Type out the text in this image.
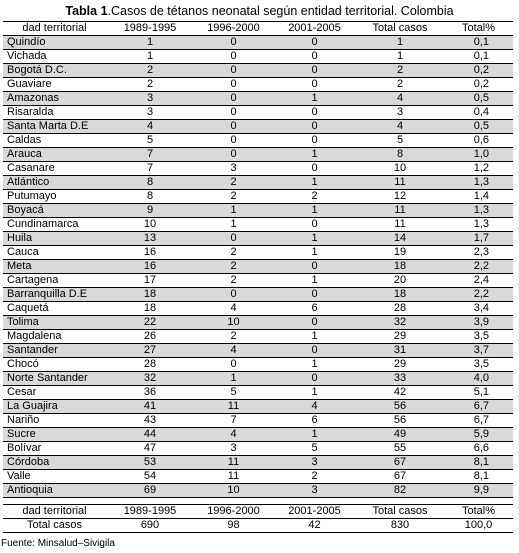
Tabla 1.Casos de tétanos neonatal según entidad territorial. Colombia
dad territorial	1989-1995	1996-2000	2001-2005	Total casos	Total%
Quindío	1	0	0	1	0,1
Vichada	1	0	0	1	0,1
Bogotá D.C.	2	0	0	2	0,2
Guaviare	2	0	0	2	0,2
Amazonas	3	0	1	4	0,5
Risaralda	3	0	0	3	0,4
Santa Marta D.E	4	0	0	4	0,5
Caldas	5	0	0	5	0,6
Arauca	7	0	1	8	1,0
Casanare	7	3	0	10	1,2
Atlántico	8	2	1	11	1,3
Putumayo	8	2	2	12	1,4
Boyacá	9	1	1	11	1,3
Cundinamarca	10	1	0	11	1,3
Huila	13	0	1	14	1,7
Cauca	16	2	1	19	2,3
Meta	16	2	0	18	2,2
Cartagena	17	2	1	20	2,4
Barranquilla D.E	18	0	0	18	2,2
Caquetá	18	4	6	28	3,4
Tolima	22	10	0	32	3,9
Magdalena	26	2	1	29	3,5
Santander	27	4	0	31	3,7
Chocó	28	0	1	29	3,5
Norte Santander	32	1	0	33	4,0
Cesar	36	5	1	42	5,1
La Guajira	41	11	4	56	6,7
Nariño	43	7	6	56	6,7
Sucre	44	4	1	49	5,9
Bolívar	47	3	5	55	6,6
Córdoba	53	11	3	67	8,1
Valle	54	11	2	67	8,1
Antioquia	69	10	3	82	9,9

dad territorial	1989-1995	1996-2000	2001-2005	Total casos	Total%
Total casos	690	98	42	830	100,0
Fuente: Minsalud–Sivigila
